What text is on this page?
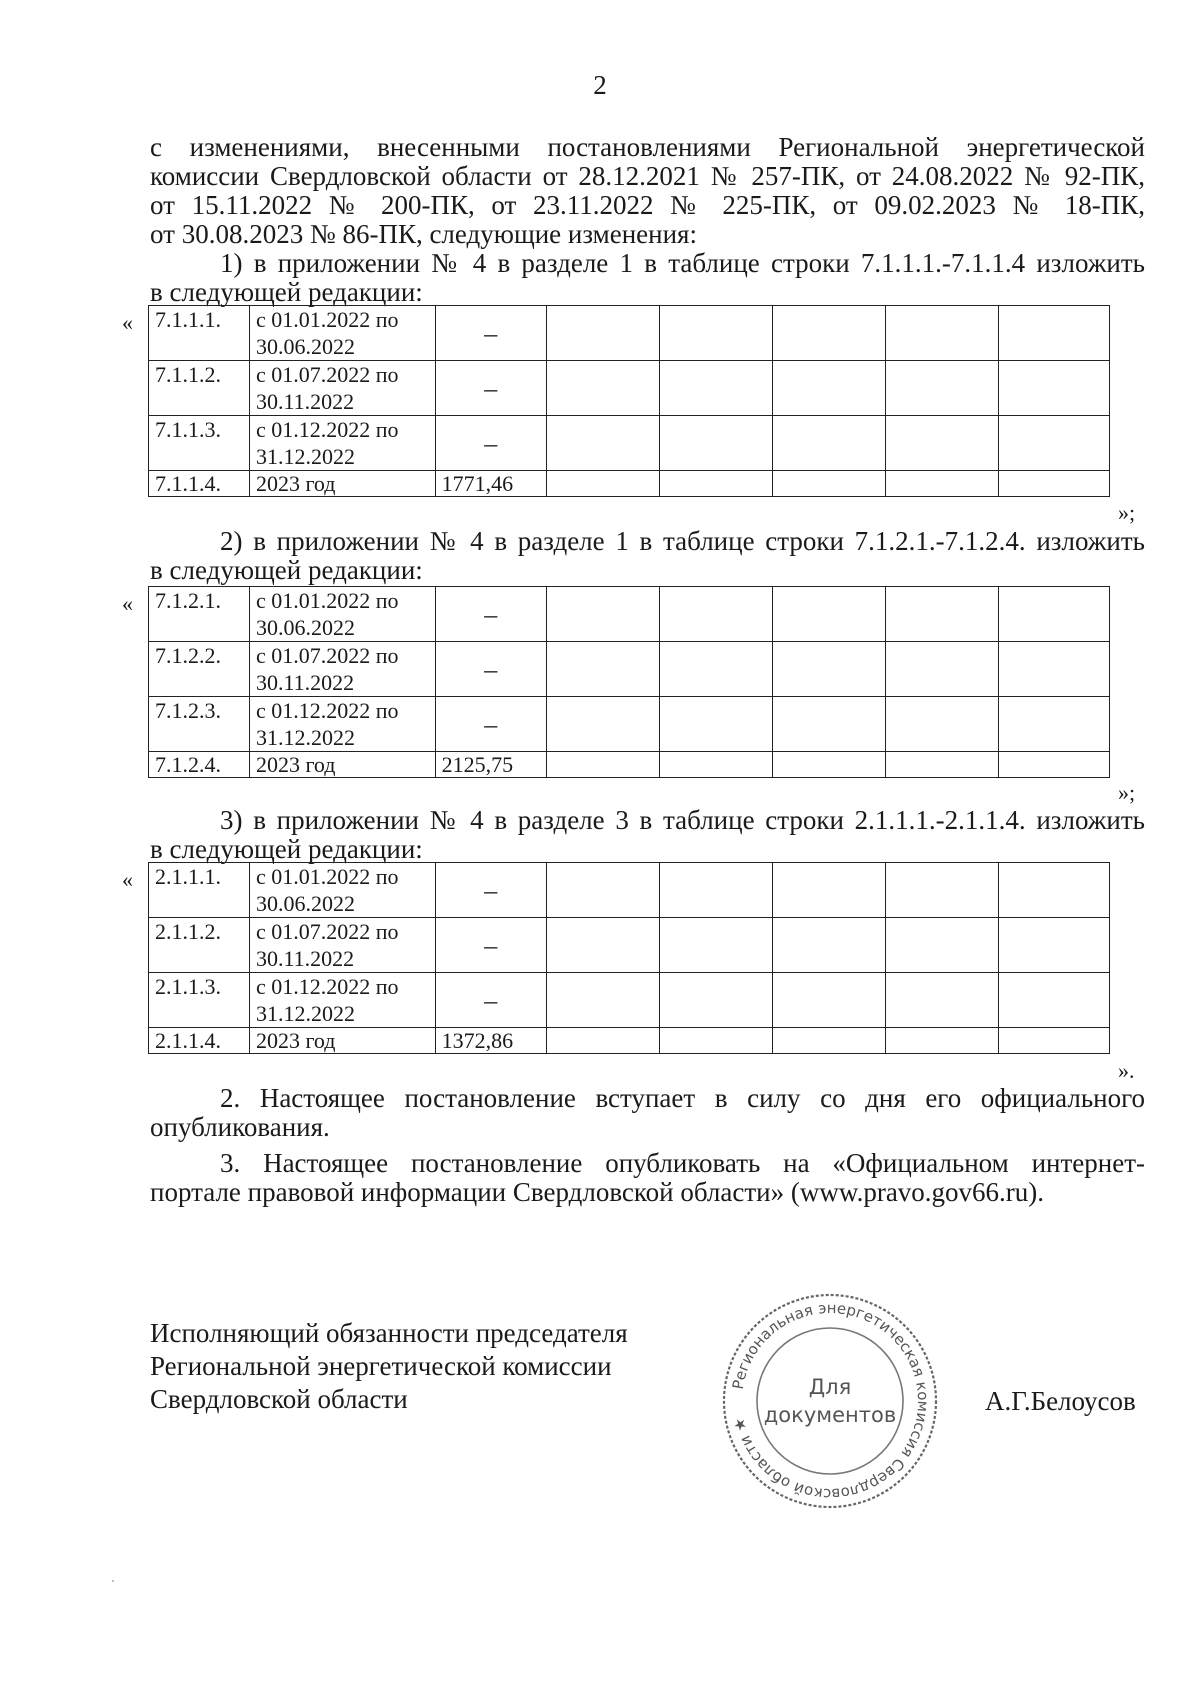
2
с изменениями, внесенными постановлениями Региональной энергетической
комиссии Свердловской области от 28.12.2021 № 257-ПК, от 24.08.2022 № 92-ПК,
от 15.11.2022 № 200-ПК, от 23.11.2022 № 225-ПК, от 09.02.2023 № 18-ПК,
от 30.08.2023 № 86-ПК, следующие изменения:
1) в приложении № 4 в разделе 1 в таблице строки 7.1.1.1.-7.1.1.4 изложить
в следующей редакции:
« 7.1.1.1.	с 01.01.2022 по
30.06.2022	–					
7.1.1.2.	с 01.07.2022 по
30.11.2022	–					
7.1.1.3.	с 01.12.2022 по
31.12.2022	–					
7.1.1.4.	2023 год	1771,46					
»;
2) в приложении № 4 в разделе 1 в таблице строки 7.1.2.1.-7.1.2.4. изложить
в следующей редакции:
« 7.1.2.1.	с 01.01.2022 по
30.06.2022	–					
7.1.2.2.	с 01.07.2022 по
30.11.2022	–					
7.1.2.3.	с 01.12.2022 по
31.12.2022	–					
7.1.2.4.	2023 год	2125,75					
»;
3) в приложении № 4 в разделе 3 в таблице строки 2.1.1.1.-2.1.1.4. изложить
в следующей редакции:
« 2.1.1.1.	с 01.01.2022 по
30.06.2022	–					
2.1.1.2.	с 01.07.2022 по
30.11.2022	–					
2.1.1.3.	с 01.12.2022 по
31.12.2022	–					
2.1.1.4.	2023 год	1372,86					
».
2. Настоящее постановление вступает в силу со дня его официального
опубликования.
3. Настоящее постановление опубликовать на «Официальном интернет-
портале правовой информации Свердловской области» (www.pravo.gov66.ru).
Исполняющий обязанности председателя
Региональной энергетической комиссии
Свердловской области	Региональная энергетическая комиссия Свердловской области ★
Для
документов	А.Г.Белоусов
